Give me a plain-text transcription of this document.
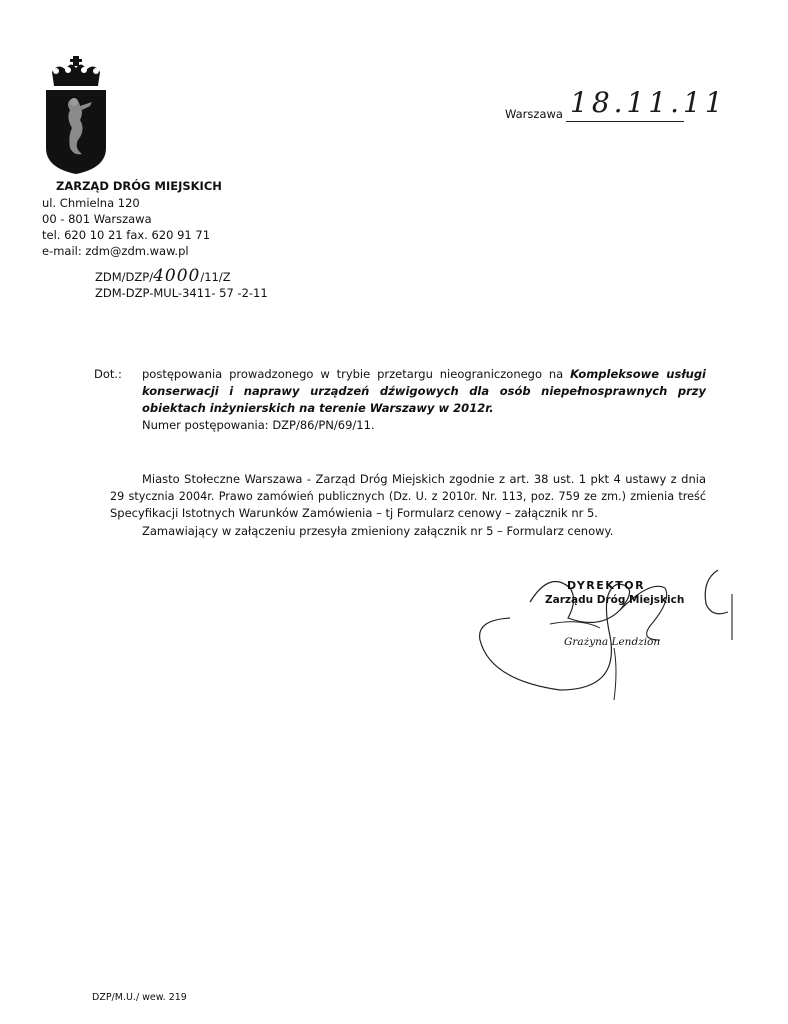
Warszawa 18.11.11
ZARZĄD DRÓG MIEJSKICH
ul. Chmielna 120
00 - 801 Warszawa
tel. 620 10 21 fax. 620 91 71
e-mail: zdm@zdm.waw.pl
ZDM/DZP/4000/11/Z
ZDM-DZP-MUL-3411- 57 -2-11
Dot.: postępowania prowadzonego w trybie przetargu nieograniczonego na Kompleksowe usługi
konserwacji i naprawy urządzeń dźwigowych dla osób niepełnosprawnych przy
obiektach inżynierskich na terenie Warszawy w 2012r.
Numer postępowania: DZP/86/PN/69/11.
Miasto Stołeczne Warszawa - Zarząd Dróg Miejskich zgodnie z art. 38 ust. 1 pkt 4 ustawy z dnia
29 stycznia 2004r. Prawo zamówień publicznych (Dz. U. z 2010r. Nr. 113, poz. 759 ze zm.) zmienia treść
Specyfikacji Istotnych Warunków Zamówienia – tj Formularz cenowy – załącznik nr 5.
Zamawiający w załączeniu przesyła zmieniony załącznik nr 5 – Formularz cenowy.
DYREKTOR
Zarządu Dróg Miejskich
Grażyna Lendzion
DZP/M.U./ wew. 219
